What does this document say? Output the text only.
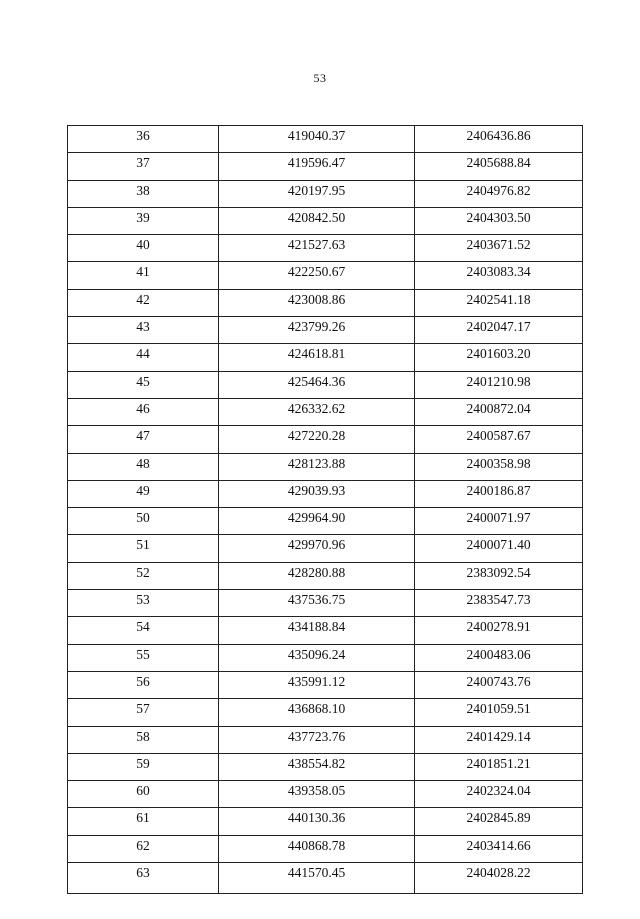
53
36	419040.37	2406436.86

37	419596.47	2405688.84

38	420197.95	2404976.82

39	420842.50	2404303.50

40	421527.63	2403671.52

41	422250.67	2403083.34

42	423008.86	2402541.18

43	423799.26	2402047.17

44	424618.81	2401603.20

45	425464.36	2401210.98

46	426332.62	2400872.04

47	427220.28	2400587.67

48	428123.88	2400358.98

49	429039.93	2400186.87

50	429964.90	2400071.97

51	429970.96	2400071.40

52	428280.88	2383092.54

53	437536.75	2383547.73

54	434188.84	2400278.91

55	435096.24	2400483.06

56	435991.12	2400743.76

57	436868.10	2401059.51

58	437723.76	2401429.14

59	438554.82	2401851.21

60	439358.05	2402324.04

61	440130.36	2402845.89

62	440868.78	2403414.66

63	441570.45	2404028.22
